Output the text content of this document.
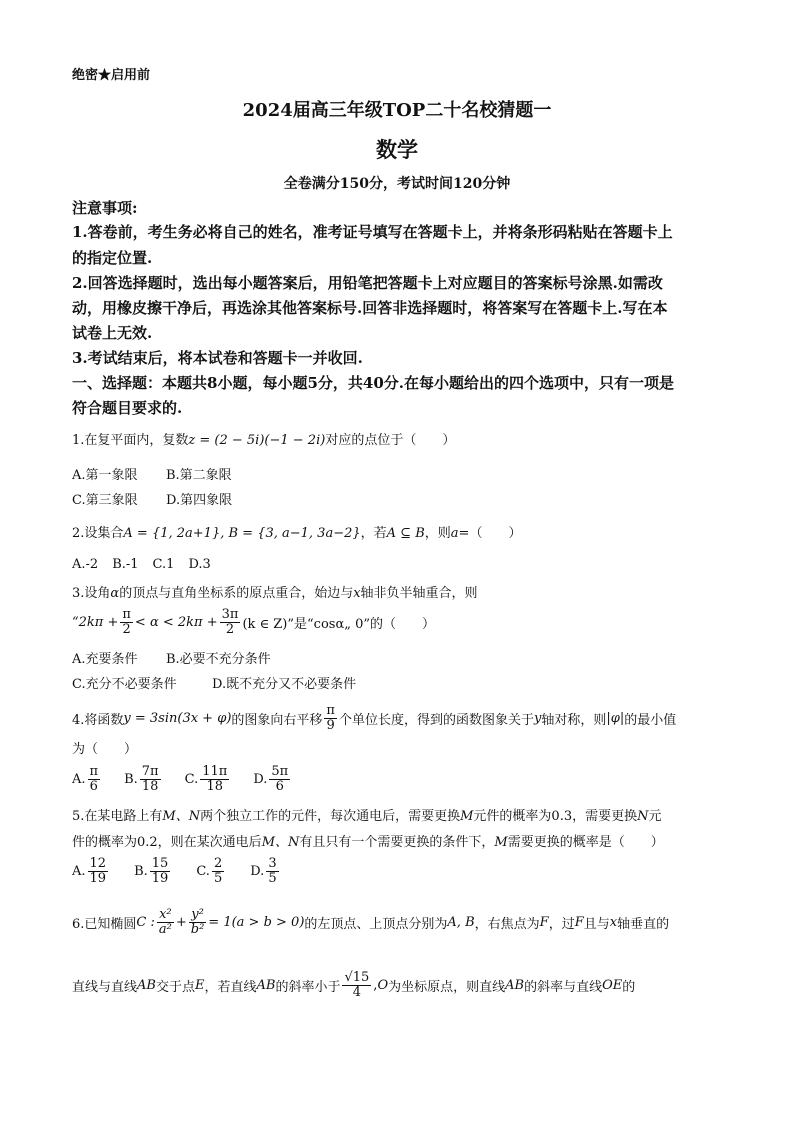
绝密★启用前
2024届高三年级TOP二十名校猜题一
数学
全卷满分150分，考试时间120分钟
注意事项:
1.答卷前，考生务必将自己的姓名，准考证号填写在答题卡上，并将条形码粘贴在答题卡上
的指定位置.
2.回答选择题时，选出每小题答案后，用铅笔把答题卡上对应题目的答案标号涂黑.如需改
动，用橡皮擦干净后，再选涂其他答案标号.回答非选择题时，将答案写在答题卡上.写在本
试卷上无效.
3.考试结束后，将本试卷和答题卡一并收回.
一、选择题：本题共8小题，每小题5分，共40分.在每小题给出的四个选项中，只有一项是
符合题目要求的.
1.在复平面内，复数z = (2 − 5i)(−1 − 2i)对应的点位于（　　）
A.第一象限 B.第二象限
C.第三象限 D.第四象限
2.设集合A = {1, 2a+1}, B = {3, a−1, 3a−2}，若A ⊆ B，则a=（　　）
A.-2 B.-1 C.1 D.3
3.设角α的顶点与直角坐标系的原点重合，始边与x轴非负半轴重合，则
“$2k\pi + \frac{\pi}{2} < \alpha < 2k\pi + \frac{3\pi}{2} (k$ ∈ Z)”是“cosα„ 0”的（　　）
A.充要条件 B.必要不充分条件
C.充分不必要条件	D.既不充分又不必要条件
4.将函数 y = 3sin(3x + φ) 的图象向右平移 $\frac{\pi}{9}$ 个单位长度，得到的函数图象关于 y 轴对称，则 |φ| 的最小值
为（　　）
A. $\frac{\pi}{6} B$. $\frac{7\pi}{18} C$. $\frac{11\pi}{18} D$. $\frac{5\pi}{6}$
5.在某电路上有M、N两个独立工作的元件，每次通电后，需要更换M元件的概率为0.3，需要更换N元
件的概率为0.2，则在某次通电后M、N有且只有一个需要更换的条件下，M需要更换的概率是（　　）
A. $\frac{12}{19} B$. $\frac{15}{19} C$. $\frac{2}{5} D$. $\frac{3}{5}$
6.已知椭圆 C : $\frac{\text{x²}}{\text{a²}} + \frac{\text{y²}}{\text{b²}} = 1(a > b > 0)$ 的左顶点、上顶点分别为 A, B ，右焦点为 F ，过 F 且与 x 轴垂直的
直线与直线 AB 交于点 E ，若直线 AB 的斜率小于 $\frac{√15}{4}$ , O 为坐标原点，则直线 AB 的斜率与直线 OE 的
